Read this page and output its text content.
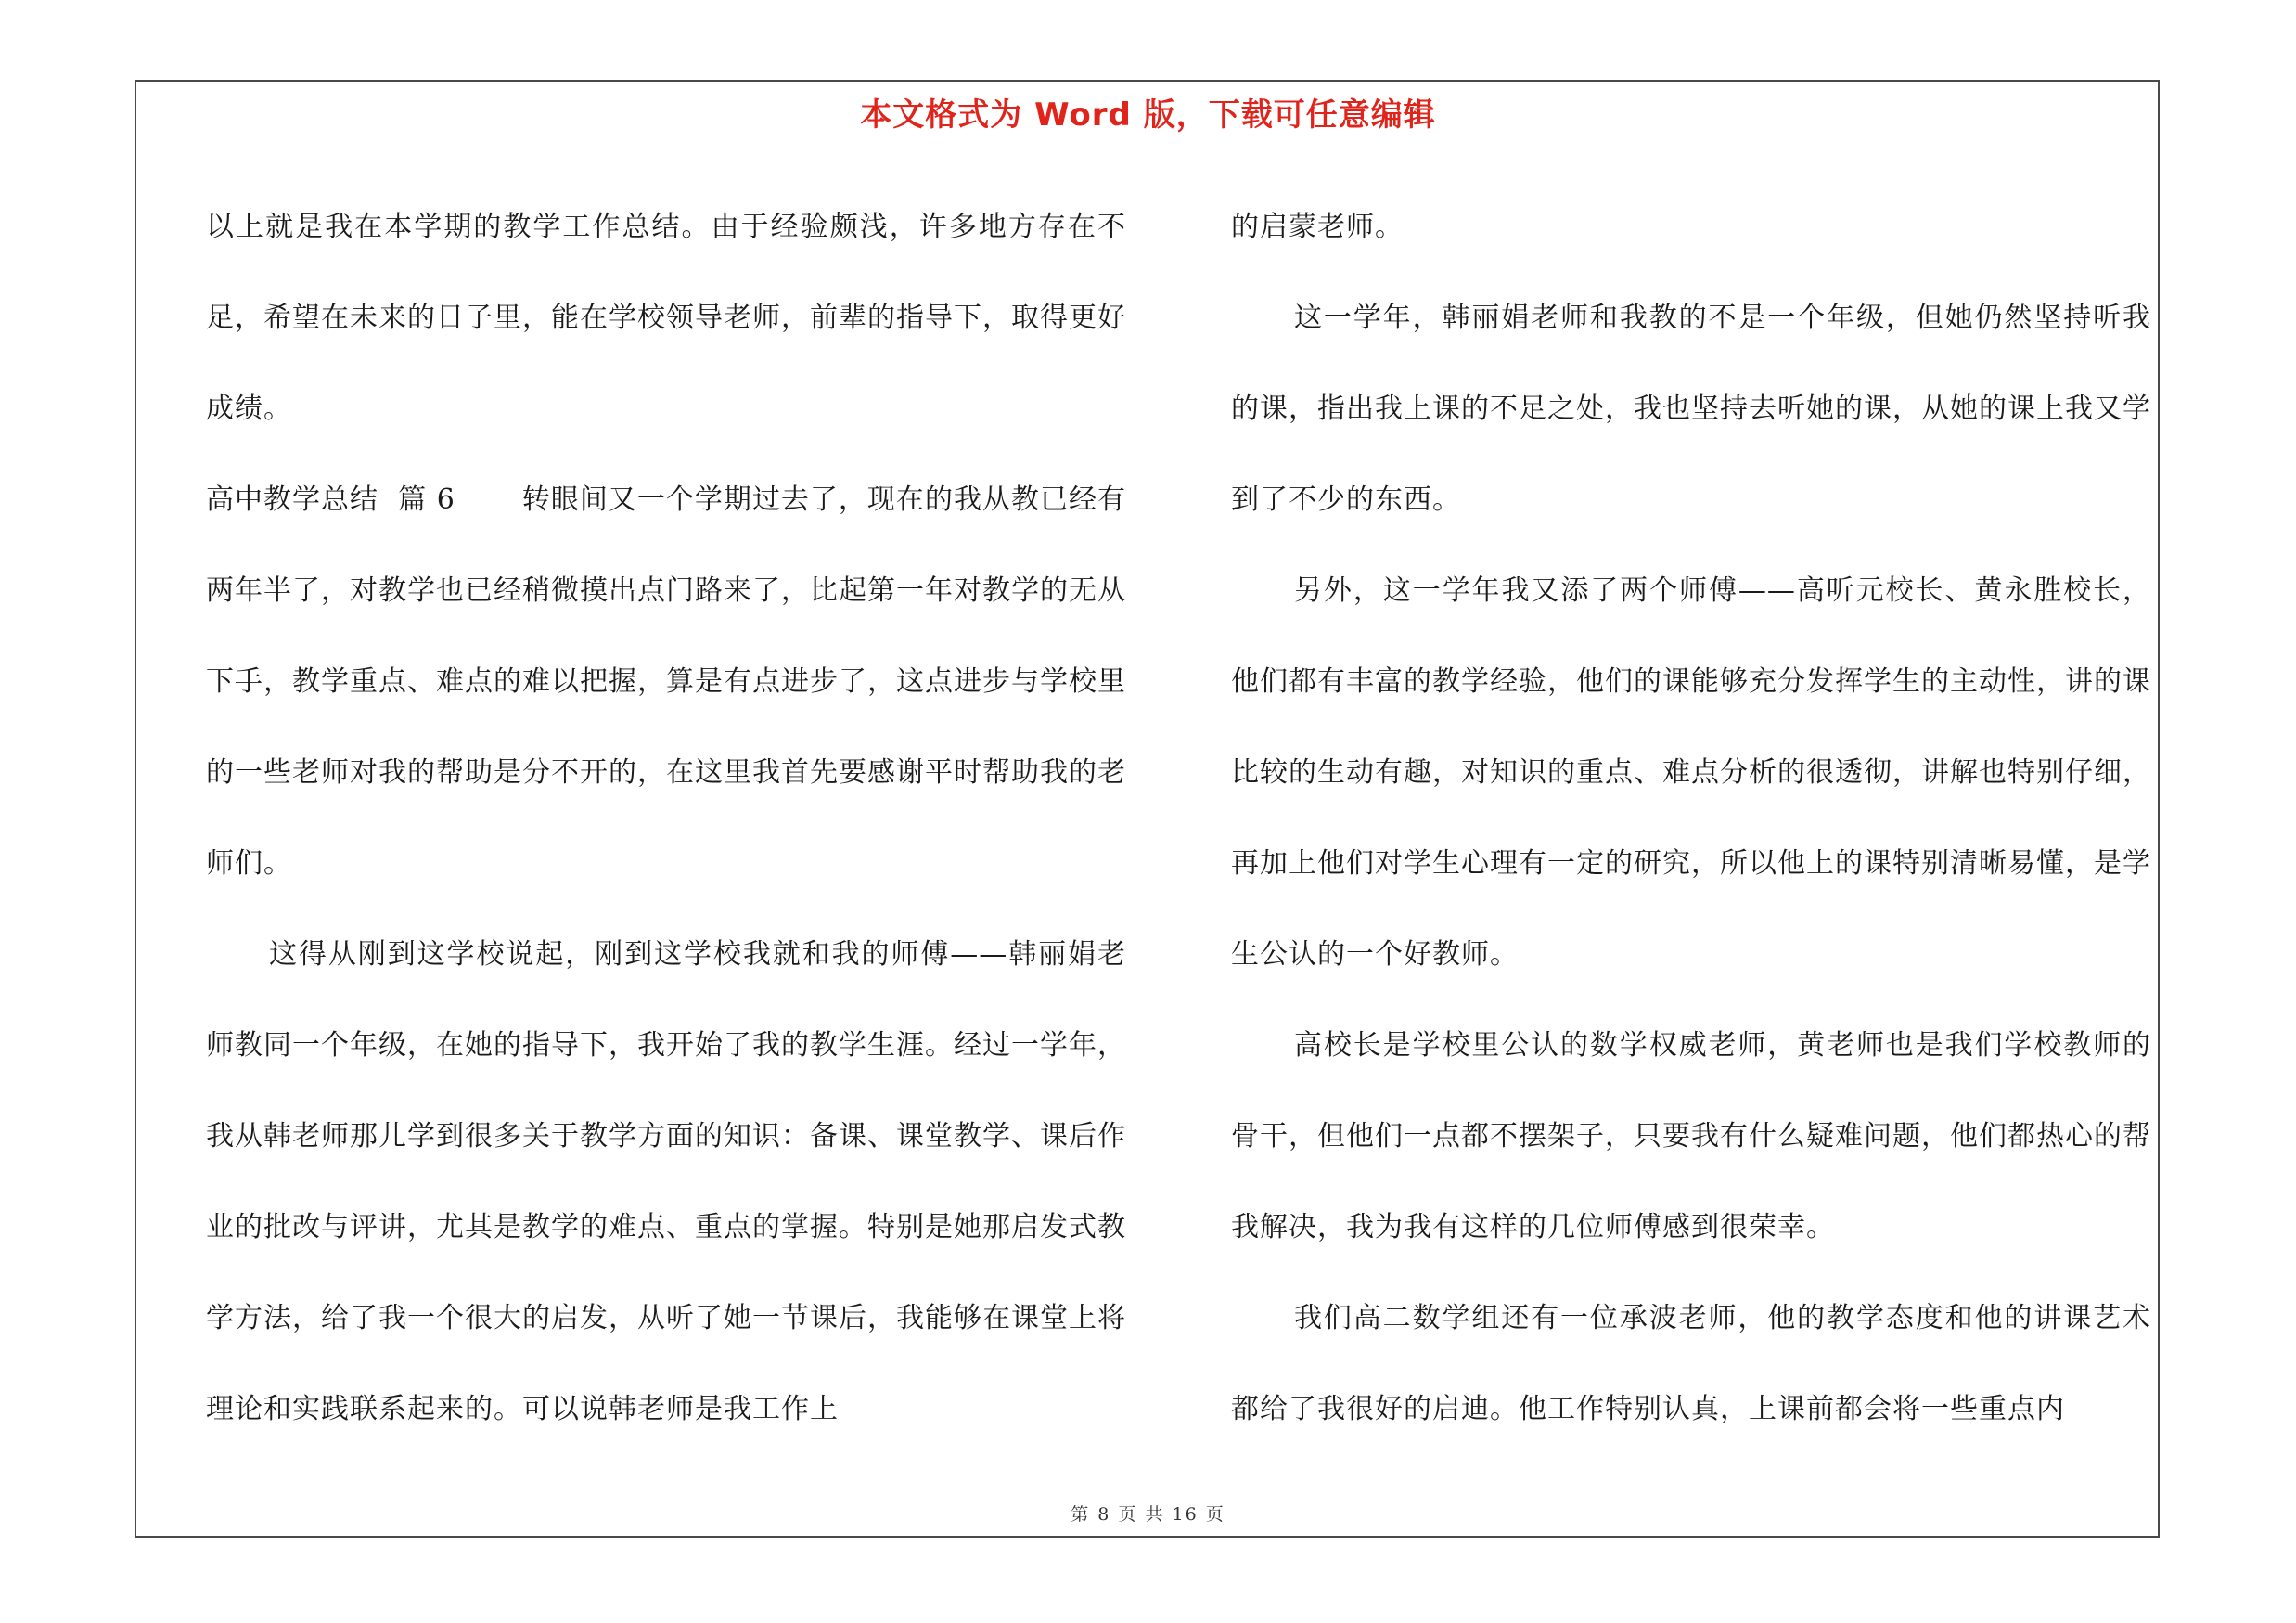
本文格式为 Word 版，下载可任意编辑

以上就是我在本学期的教学工作总结。由于经验颇浅，许多地方存在不足，希望在未来的日子里，能在学校领导老师，前辈的指导下，取得更好成绩。

高中教学总结  篇 6 转眼间又一个学期过去了，现在的我从教已经有两年半了，对教学也已经稍微摸出点门路来了，比起第一年对教学的无从下手，教学重点、难点的难以把握，算是有点进步了，这点进步与学校里的一些老师对我的帮助是分不开的，在这里我首先要感谢平时帮助我的老师们。

这得从刚到这学校说起，刚到这学校我就和我的师傅——韩丽娟老师教同一个年级，在她的指导下，我开始了我的教学生涯。经过一学年，我从韩老师那儿学到很多关于教学方面的知识：备课、课堂教学、课后作业的批改与评讲，尤其是教学的难点、重点的掌握。特别是她那启发式教学方法，给了我一个很大的启发，从听了她一节课后，我能够在课堂上将理论和实践联系起来的。可以说韩老师是我工作上

的启蒙老师。

这一学年，韩丽娟老师和我教的不是一个年级，但她仍然坚持听我的课，指出我上课的不足之处，我也坚持去听她的课，从她的课上我又学到了不少的东西。

另外，这一学年我又添了两个师傅——高听元校长、黄永胜校长，他们都有丰富的教学经验，他们的课能够充分发挥学生的主动性，讲的课比较的生动有趣，对知识的重点、难点分析的很透彻，讲解也特别仔细，再加上他们对学生心理有一定的研究，所以他上的课特别清晰易懂，是学生公认的一个好教师。

高校长是学校里公认的数学权威老师，黄老师也是我们学校教师的骨干，但他们一点都不摆架子，只要我有什么疑难问题，他们都热心的帮我解决，我为我有这样的几位师傅感到很荣幸。

我们高二数学组还有一位承波老师，他的教学态度和他的讲课艺术都给了我很好的启迪。他工作特别认真，上课前都会将一些重点内

第 8 页 共 16 页
